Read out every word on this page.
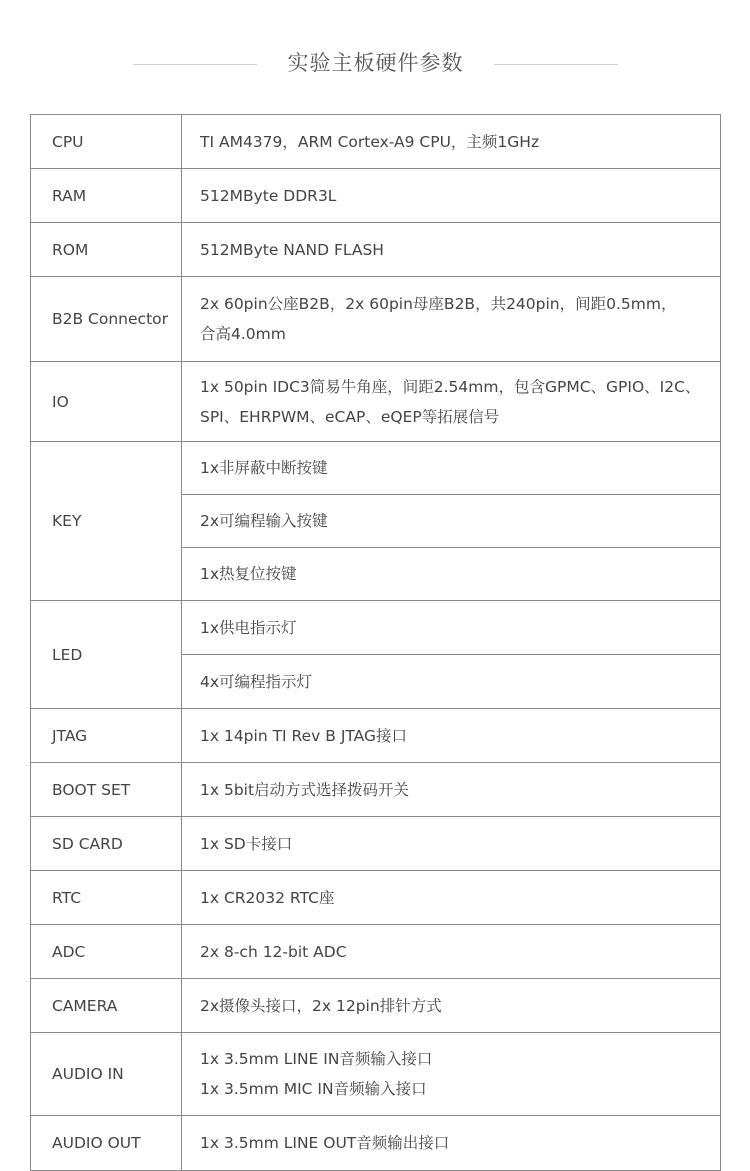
实验主板硬件参数
CPU	TI AM4379，ARM Cortex-A9 CPU，主频1GHz

RAM	512MByte DDR3L

ROM	512MByte NAND FLASH

B2B Connector	2x 60pin公座B2B，2x 60pin母座B2B，共240pin，间距0.5mm，
合高4.0mm

IO	1x 50pin IDC3简易牛角座，间距2.54mm，包含GPMC、GPIO、I2C、
SPI、EHRPWM、eCAP、eQEP等拓展信号

KEY	1x非屏蔽中断按键

	2x可编程输入按键

	1x热复位按键

LED	1x供电指示灯

	4x可编程指示灯

JTAG	1x 14pin TI Rev B JTAG接口

BOOT SET	1x 5bit启动方式选择拨码开关

SD CARD	1x SD卡接口

RTC	1x CR2032 RTC座

ADC	2x 8-ch 12-bit ADC

CAMERA	2x摄像头接口，2x 12pin排针方式

AUDIO IN	1x 3.5mm LINE IN音频输入接口
1x 3.5mm MIC IN音频输入接口

AUDIO OUT	1x 3.5mm LINE OUT音频输出接口
